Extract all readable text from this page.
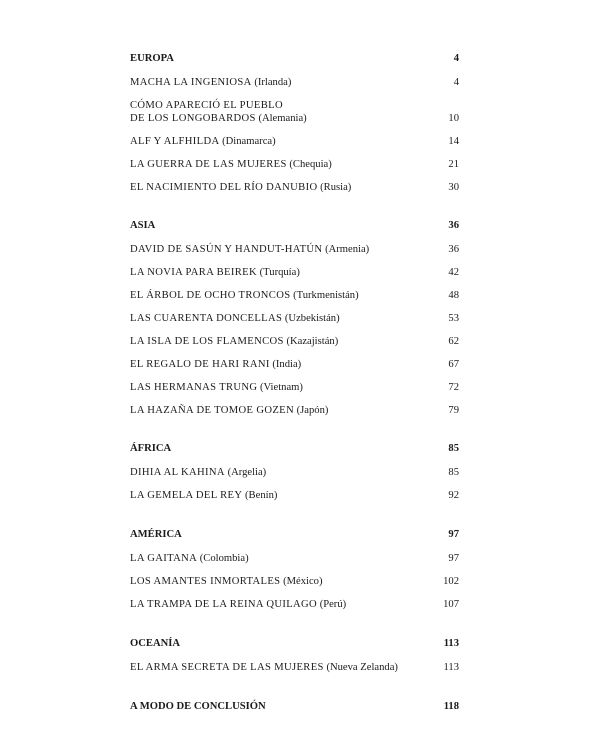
EUROPA	4
MACHA LA INGENIOSA (Irlanda)	4
CÓMO APARECIÓ EL PUEBLO
DE LOS LONGOBARDOS (Alemania)	10
ALF Y ALFHILDA (Dinamarca)	14
LA GUERRA DE LAS MUJERES (Chequia)	21
EL NACIMIENTO DEL RÍO DANUBIO (Rusia)	30
ASIA	36
DAVID DE SASÚN Y HANDUT-HATÚN (Armenia)	36
LA NOVIA PARA BEIREK (Turquía)	42
EL ÁRBOL DE OCHO TRONCOS (Turkmenistán)	48
LAS CUARENTA DONCELLAS (Uzbekistán)	53
LA ISLA DE LOS FLAMENCOS (Kazajistán)	62
EL REGALO DE HARI RANI (India)	67
LAS HERMANAS TRUNG (Vietnam)	72
LA HAZAÑA DE TOMOE GOZEN (Japón)	79
ÁFRICA	85
DIHIA AL KAHINA (Argelia)	85
LA GEMELA DEL REY (Benín)	92
AMÉRICA	97
LA GAITANA (Colombia)	97
LOS AMANTES INMORTALES (México)	102
LA TRAMPA DE LA REINA QUILAGO (Perú)	107
OCEANÍA	113
EL ARMA SECRETA DE LAS MUJERES (Nueva Zelanda)	113
A MODO DE CONCLUSIÓN	118
